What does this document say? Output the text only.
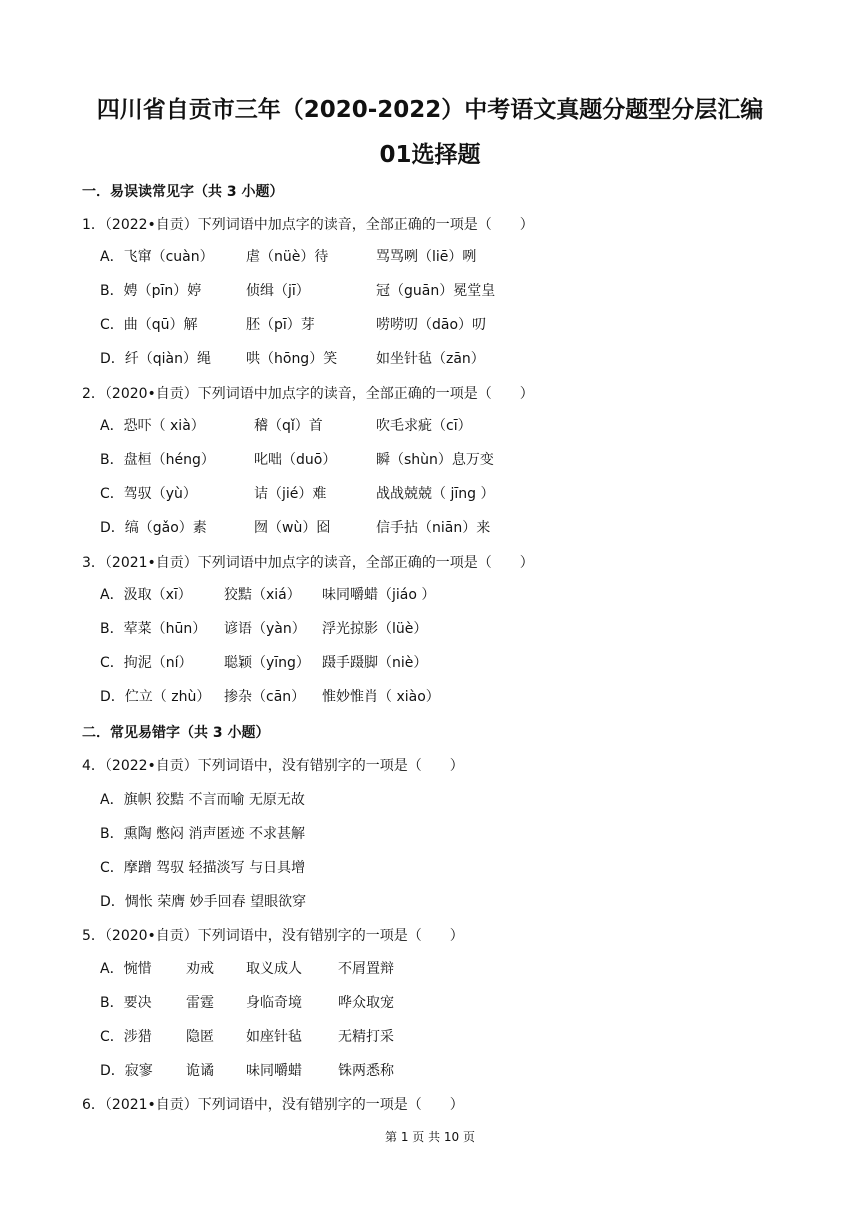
四川省自贡市三年（2020-2022）中考语文真题分题型分层汇编
01选择题
一．易误读常见字（共 3 小题）
1．（2022•自贡）下列词语中加点字的读音，全部正确的一项是（　　）
A．飞窜（cuàn） 虐（nüè）待	骂骂咧（liē）咧
B．娉（pīn）婷	侦缉（jī）	冠（guān）冕堂皇
C．曲（qū）解	胚（pī）芽	唠唠叨（dāo）叨
D．纤（qiàn）绳 哄（hōng）笑	如坐针毡（zān）
2．（2020•自贡）下列词语中加点字的读音，全部正确的一项是（　　）
A．恐吓（ xià）	稽（qǐ）首	吹毛求疵（cī）
B．盘桓（héng）	叱咄（duō）	瞬（shùn）息万变
C．驾驭（yù）	诘（jié）难	战战兢兢（ jīng ）
D．缟（gǎo）素	囫（wù）囵	信手拈（niān）来
3．（2021•自贡）下列词语中加点字的读音，全部正确的一项是（　　）
A．汲取（xī） 狡黠（xiá） 味同嚼蜡（jiáo ）
B．荤菜（hūn） 谚语（yàn） 浮光掠影（lüè）
C．拘泥（ní） 聪颖（yīng） 蹑手蹑脚（niè）
D．伫立（ zhù） 掺杂（cān） 惟妙惟肖（ xiào）
二．常见易错字（共 3 小题）
4．（2022•自贡）下列词语中，没有错别字的一项是（　　）
A．旗帜 狡黠 不言而喻 无原无故
B．熏陶 憋闷 消声匿迹 不求甚解
C．摩蹭 驾驭 轻描淡写 与日具增
D．惆怅 荣膺 妙手回春 望眼欲穿
5．（2020•自贡）下列词语中，没有错别字的一项是（　　）
A．惋惜 劝戒 取义成人	不屑置辩
B．要决 雷霆 身临奇境	哗众取宠
C．涉猎 隐匿 如座针毡	无精打采
D．寂寥 诡谲 味同嚼蜡	铢两悉称
6．（2021•自贡）下列词语中，没有错别字的一项是（　　）
第 1 页 共 10 页
